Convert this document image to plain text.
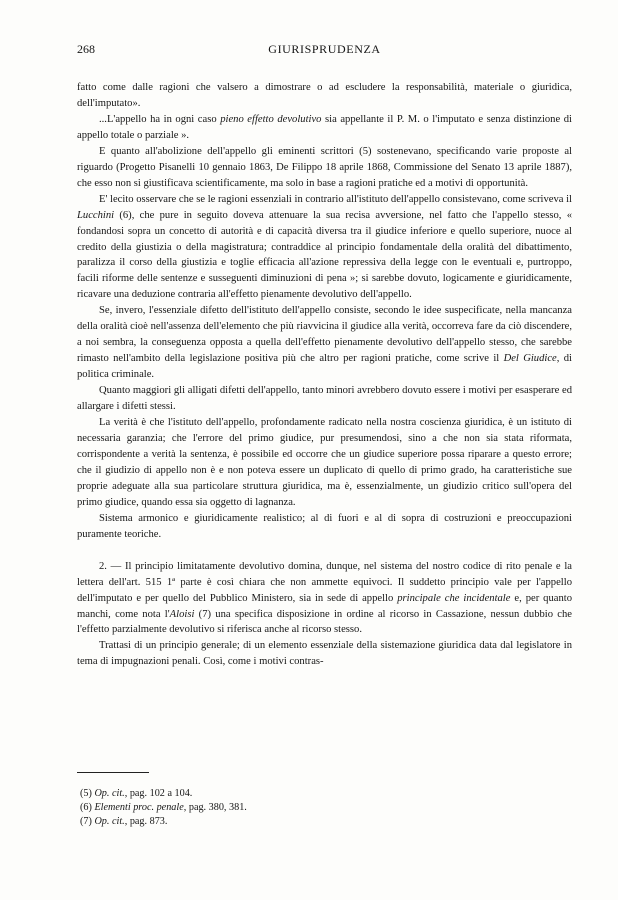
268	GIURISPRUDENZA

fatto come dalle ragioni che valsero a dimostrare o ad escludere la responsabilità, materiale o giuridica, dell'imputato».

...L'appello ha in ogni caso pieno effetto devolutivo sia appellante il P. M. o l'imputato e senza distinzione di appello totale o parziale ».

E quanto all'abolizione dell'appello gli eminenti scrittori (5) sostenevano, specificando varie proposte al riguardo (Progetto Pisanelli 10 gennaio 1863, De Filippo 18 aprile 1868, Commissione del Senato 13 aprile 1887), che esso non si giustificava scientificamente, ma solo in base a ragioni pratiche ed a motivi di opportunità.

E' lecito osservare che se le ragioni essenziali in contrario all'istituto dell'appello consistevano, come scriveva il Lucchini (6), che pure in seguito doveva attenuare la sua recisa avversione, nel fatto che l'appello stesso, « fondandosi sopra un concetto di autorità e di capacità diversa tra il giudice inferiore e quello superiore, nuoce al credito della giustizia o della magistratura; contraddice al principio fondamentale della oralità del dibattimento, paralizza il corso della giustizia e toglie efficacia all'azione repressiva della legge con le eventuali e, purtroppo, facili riforme delle sentenze e susseguenti diminuzioni di pena »; si sarebbe dovuto, logicamente e giuridicamente, ricavare una deduzione contraria all'effetto pienamente devolutivo dell'appello.

Se, invero, l'essenziale difetto dell'istituto dell'appello consiste, secondo le idee suspecificate, nella mancanza della oralità cioè nell'assenza dell'elemento che più riavvicina il giudice alla verità, occorreva fare da ciò discendere, a noi sembra, la conseguenza opposta a quella dell'effetto pienamente devolutivo dell'appello stesso, che sarebbe rimasto nell'ambito della legislazione positiva più che altro per ragioni pratiche, come scrive il Del Giudice, di politica criminale.

Quanto maggiori gli alligati difetti dell'appello, tanto minori avrebbero dovuto essere i motivi per esasperare ed allargare i difetti stessi.

La verità è che l'istituto dell'appello, profondamente radicato nella nostra coscienza giuridica, è un istituto di necessaria garanzia; che l'errore del primo giudice, pur presumendosi, sino a che non sia stata riformata, corrispondente a verità la sentenza, è possibile ed occorre che un giudice superiore possa riparare a questo errore; che il giudizio di appello non è e non poteva essere un duplicato di quello di primo grado, ha caratteristiche sue proprie adeguate alla sua particolare struttura giuridica, ma è, essenzialmente, un giudizio critico sull'opera del primo giudice, quando essa sia oggetto di lagnanza.

Sistema armonico e giuridicamente realistico; al di fuori e al di sopra di costruzioni e preoccupazioni puramente teoriche.

2. — Il principio limitatamente devolutivo domina, dunque, nel sistema del nostro codice di rito penale e la lettera dell'art. 515 1ª parte è così chiara che non ammette equivoci. Il suddetto principio vale per l'appello dell'imputato e per quello del Pubblico Ministero, sia in sede di appello principale che incidentale e, per quanto manchi, come nota l'Aloisi (7) una specifica disposizione in ordine al ricorso in Cassazione, nessun dubbio che l'effetto parzialmente devolutivo si riferisca anche al ricorso stesso.

Trattasi di un principio generale; di un elemento essenziale della sistemazione giuridica data dal legislatore in tema di impugnazioni penali. Così, come i motivi contras-

(5) Op. cit., pag. 102 a 104.

(6) Elementi proc. penale, pag. 380, 381.

(7) Op. cit., pag. 873.
